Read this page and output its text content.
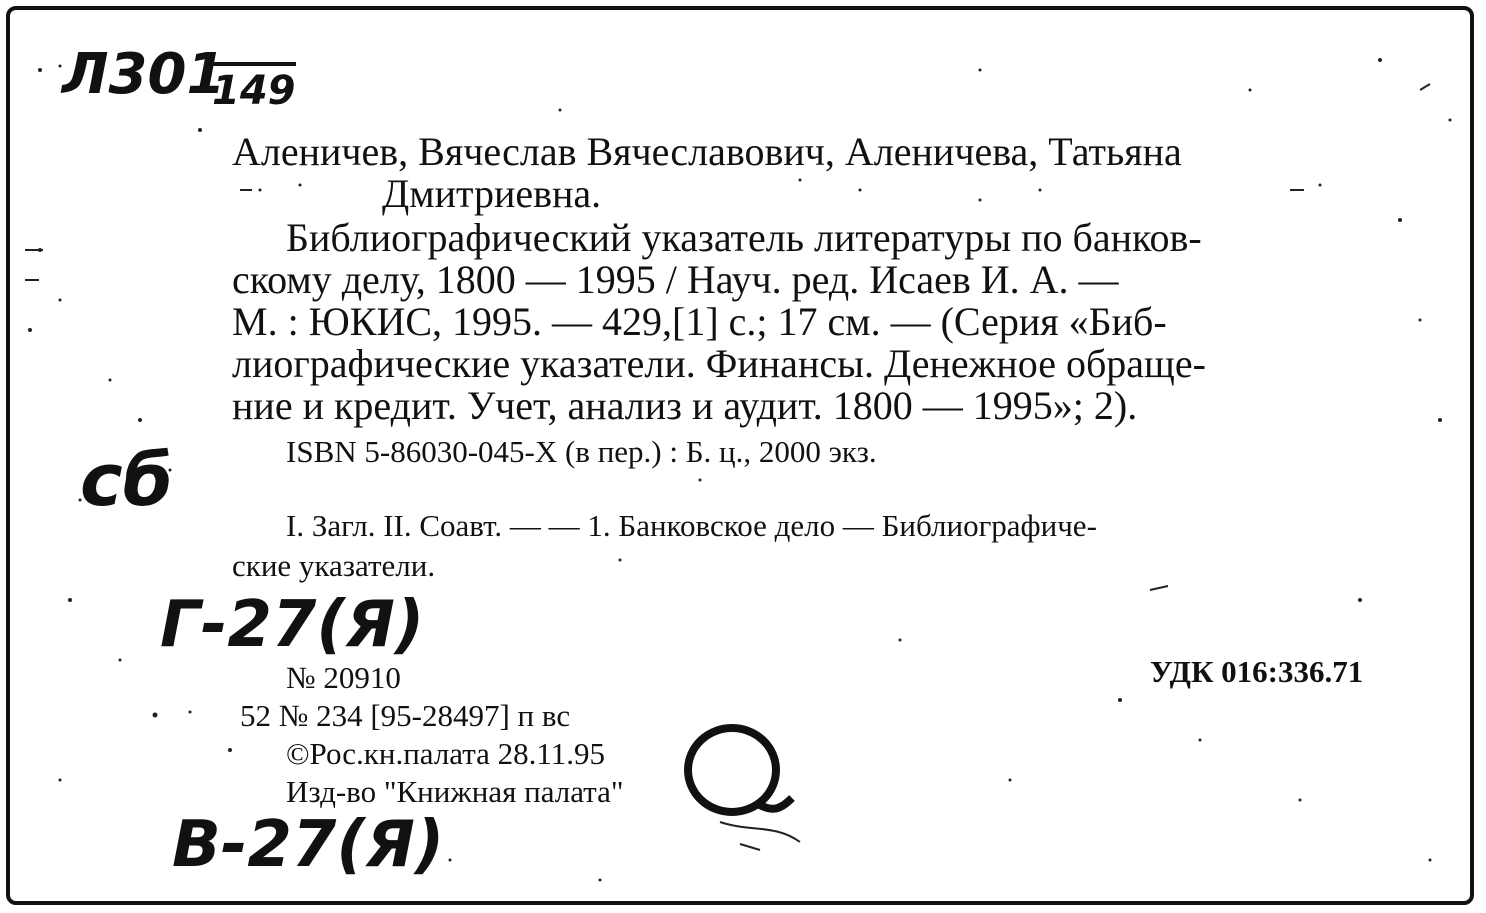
Л301
149
Аленичев, Вячеслав Вячеславович, Аленичева, Татьяна
Дмитриевна.
Библиографический указатель литературы по банков-
скому делу, 1800 — 1995 / Науч. ред. Исаев И. А. —
М. : ЮКИС, 1995. — 429,[1] с.; 17 см. — (Серия «Биб-
лиографические указатели. Финансы. Денежное обраще-
ние и кредит. Учет, анализ и аудит. 1800 — 1995»; 2).
ISBN 5-86030-045-X (в пер.) : Б. ц., 2000 экз.
сб
I. Загл. II. Соавт. — — 1. Банковское дело — Библиографиче-
ские указатели.
Г-27(Я)
В-27(Я)
№ 20910	УДК 016:336.71
52 № 234 [95-28497] п вс
©Рос.кн.палата 28.11.95
Изд-во "Книжная палата"
